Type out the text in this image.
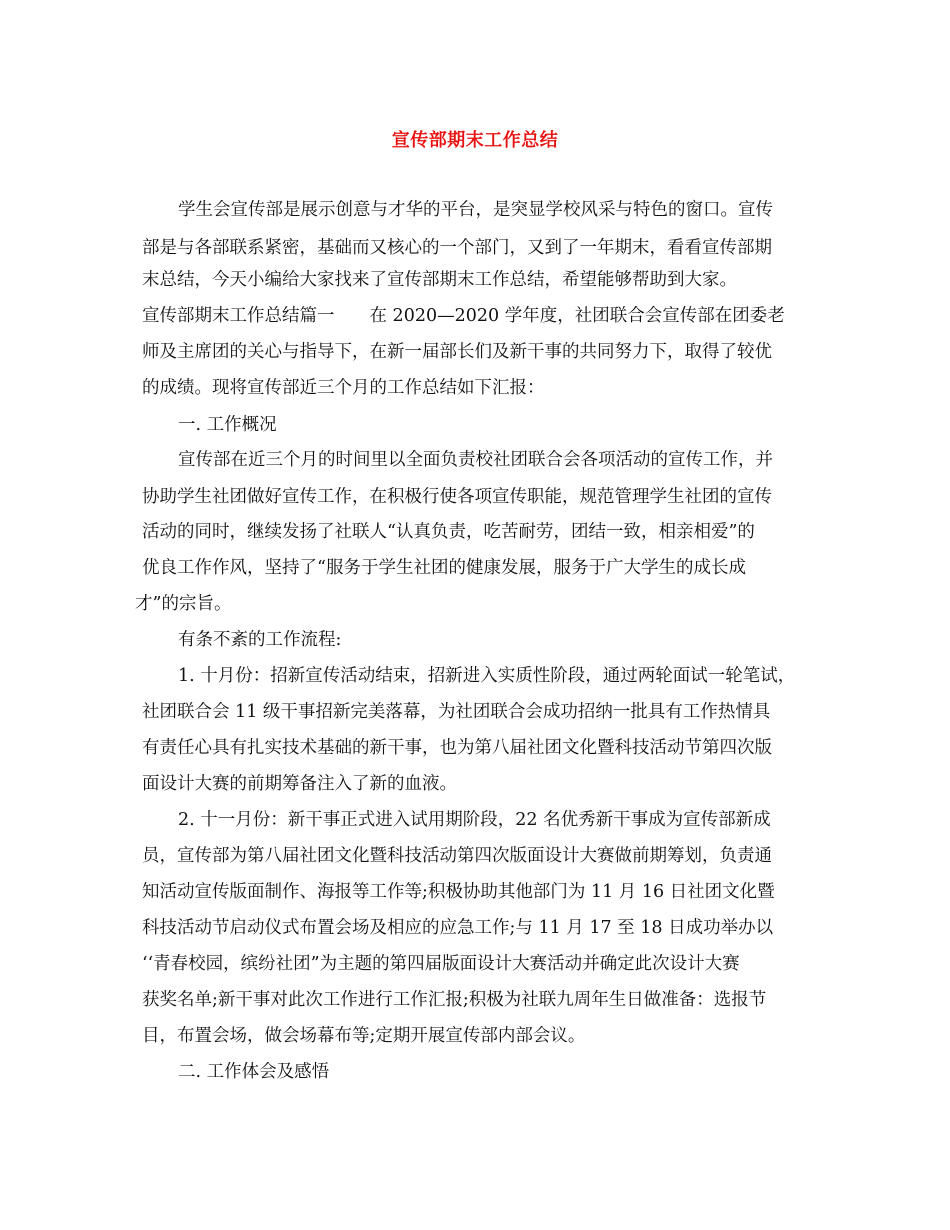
宣传部期末工作总结
学生会宣传部是展示创意与才华的平台，是突显学校风采与特色的窗口。宣传
部是与各部联系紧密，基础而又核心的一个部门，又到了一年期末，看看宣传部期
末总结，今天小编给大家找来了宣传部期末工作总结，希望能够帮助到大家。
宣传部期末工作总结篇一　　在 2020—2020 学年度，社团联合会宣传部在团委老
师及主席团的关心与指导下，在新一届部长们及新干事的共同努力下，取得了较优
的成绩。现将宣传部近三个月的工作总结如下汇报：
一. 工作概况
宣传部在近三个月的时间里以全面负责校社团联合会各项活动的宣传工作，并
协助学生社团做好宣传工作，在积极行使各项宣传职能，规范管理学生社团的宣传
活动的同时，继续发扬了社联人“认真负责，吃苦耐劳，团结一致，相亲相爱”的
优良工作作风，坚持了“服务于学生社团的健康发展，服务于广大学生的成长成
才”的宗旨。
有条不紊的工作流程:
1. 十月份：招新宣传活动结束，招新进入实质性阶段，通过两轮面试一轮笔试，
社团联合会 11 级干事招新完美落幕，为社团联合会成功招纳一批具有工作热情具
有责任心具有扎实技术基础的新干事，也为第八届社团文化暨科技活动节第四次版
面设计大赛的前期筹备注入了新的血液。
2. 十一月份：新干事正式进入试用期阶段，22 名优秀新干事成为宣传部新成
员，宣传部为第八届社团文化暨科技活动第四次版面设计大赛做前期筹划，负责通
知活动宣传版面制作、海报等工作等;积极协助其他部门为 11 月 16 日社团文化暨
科技活动节启动仪式布置会场及相应的应急工作;与 11 月 17 至 18 日成功举办以
‘‘青春校园，缤纷社团”为主题的第四届版面设计大赛活动并确定此次设计大赛
获奖名单;新干事对此次工作进行工作汇报;积极为社联九周年生日做准备：选报节
目，布置会场，做会场幕布等;定期开展宣传部内部会议。
二. 工作体会及感悟
